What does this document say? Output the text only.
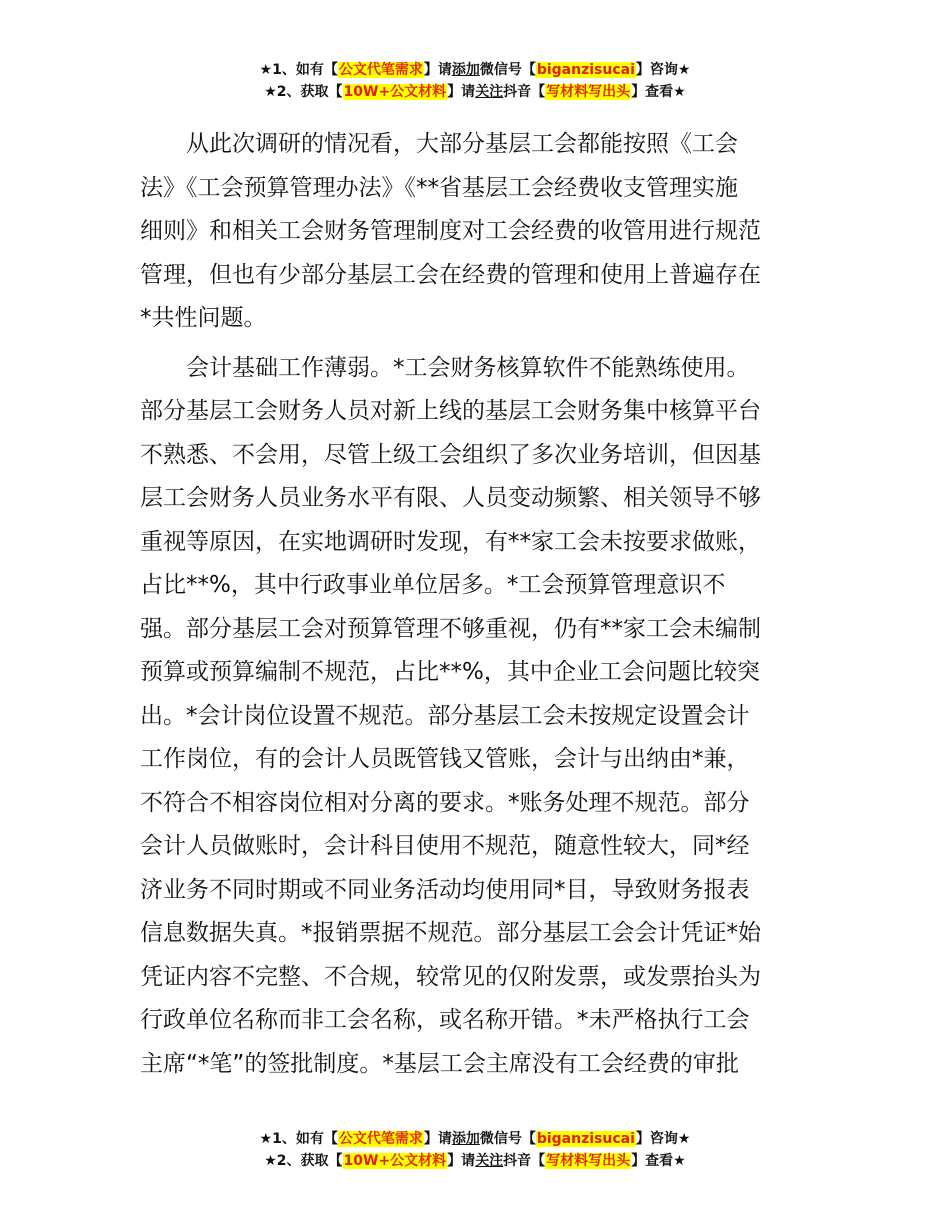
★1、如有【公文代笔需求】请添加微信号【biganzisucai】咨询★
★2、获取【10W+公文材料】请关注抖音【写材料写出头】查看★

从此次调研的情况看，大部分基层工会都能按照《工会
法》《工会预算管理办法》《**省基层工会经费收支管理实施
细则》和相关工会财务管理制度对工会经费的收管用进行规范
管理，但也有少部分基层工会在经费的管理和使用上普遍存在
*共性问题。

会计基础工作薄弱。*工会财务核算软件不能熟练使用。
部分基层工会财务人员对新上线的基层工会财务集中核算平台
不熟悉、不会用，尽管上级工会组织了多次业务培训，但因基
层工会财务人员业务水平有限、人员变动频繁、相关领导不够
重视等原因，在实地调研时发现，有**家工会未按要求做账，
占比**%，其中行政事业单位居多。*工会预算管理意识不
强。部分基层工会对预算管理不够重视，仍有**家工会未编制
预算或预算编制不规范，占比**%，其中企业工会问题比较突
出。*会计岗位设置不规范。部分基层工会未按规定设置会计
工作岗位，有的会计人员既管钱又管账，会计与出纳由*兼，
不符合不相容岗位相对分离的要求。*账务处理不规范。部分
会计人员做账时，会计科目使用不规范，随意性较大，同*经
济业务不同时期或不同业务活动均使用同*目，导致财务报表
信息数据失真。*报销票据不规范。部分基层工会会计凭证*始
凭证内容不完整、不合规，较常见的仅附发票，或发票抬头为
行政单位名称而非工会名称，或名称开错。*未严格执行工会
主席“*笔”的签批制度。*基层工会主席没有工会经费的审批

★1、如有【公文代笔需求】请添加微信号【biganzisucai】咨询★
★2、获取【10W+公文材料】请关注抖音【写材料写出头】查看★
